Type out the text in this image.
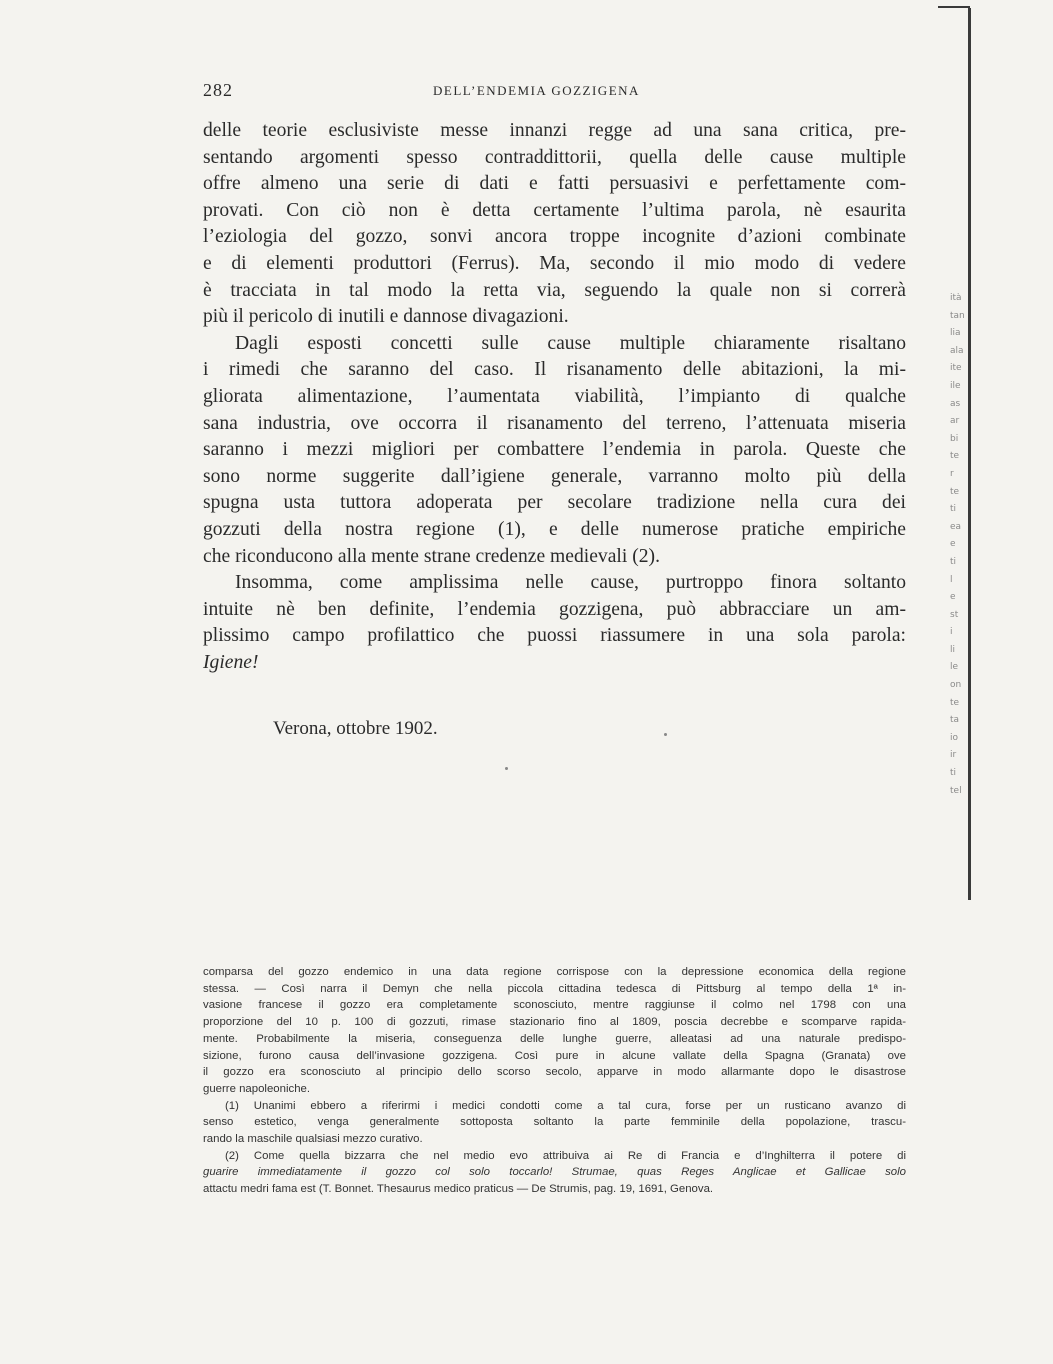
282	DELL’ENDEMIA GOZZIGENA

delle teorie esclusiviste messe innanzi regge ad una sana critica, pre-
sentando argomenti spesso contraddittorii, quella delle cause multiple
offre almeno una serie di dati e fatti persuasivi e perfettamente com-
provati. Con ciò non è detta certamente l’ultima parola, nè esaurita
l’eziologia del gozzo, sonvi ancora troppe incognite d’azioni combinate
e di elementi produttori (Ferrus). Ma, secondo il mio modo di vedere
è tracciata in tal modo la retta via, seguendo la quale non si correrà
più il pericolo di inutili e dannose divagazioni.

Dagli esposti concetti sulle cause multiple chiaramente risaltano
i rimedi che saranno del caso. Il risanamento delle abitazioni, la mi-
gliorata alimentazione, l’aumentata viabilità, l’impianto di qualche
sana industria, ove occorra il risanamento del terreno, l’attenuata miseria
saranno i mezzi migliori per combattere l’endemia in parola. Queste che
sono norme suggerite dall’igiene generale, varranno molto più della
spugna usta tuttora adoperata per secolare tradizione nella cura dei
gozzuti della nostra regione (1), e delle numerose pratiche empiriche
che riconducono alla mente strane credenze medievali (2).

Insomma, come amplissima nelle cause, purtroppo finora soltanto
intuite nè ben definite, l’endemia gozzigena, può abbracciare un am-
plissimo campo profilattico che puossi riassumere in una sola parola:
Igiene!

Verona, ottobre 1902.

comparsa del gozzo endemico in una data regione corrispose con la depressione economica della regione
stessa. — Così narra il Demyn che nella piccola cittadina tedesca di Pittsburg al tempo della 1ª in-
vasione francese il gozzo era completamente sconosciuto, mentre raggiunse il colmo nel 1798 con una
proporzione del 10 p. 100 di gozzuti, rimase stazionario fino al 1809, poscia decrebbe e scomparve rapida-
mente. Probabilmente la miseria, conseguenza delle lunghe guerre, alleatasi ad una naturale predispo-
sizione, furono causa dell’invasione gozzigena. Così pure in alcune vallate della Spagna (Granata) ove
il gozzo era sconosciuto al principio dello scorso secolo, apparve in modo allarmante dopo le disastrose
guerre napoleoniche.

(1) Unanimi ebbero a riferirmi i medici condotti come a tal cura, forse per un rusticano avanzo di
senso estetico, venga generalmente sottoposta soltanto la parte femminile della popolazione, trascu-
rando la maschile qualsiasi mezzo curativo.

(2) Come quella bizzarra che nel medio evo attribuiva ai Re di Francia e d’Inghilterra il potere di
guarire immediatamente il gozzo col solo toccarlo! Strumae, quas Reges Anglicae et Gallicae solo
attactu medri fama est (T. Bonnet. Thesaurus medico praticus — De Strumis, pag. 19, 1691, Genova.

ità
tan
lia
ala
ite
ile
as
ar
bi
te
r
te
ti
ea
e
ti
l
e
st
i
li
le
on
te
ta
io
ir
ti
tel
